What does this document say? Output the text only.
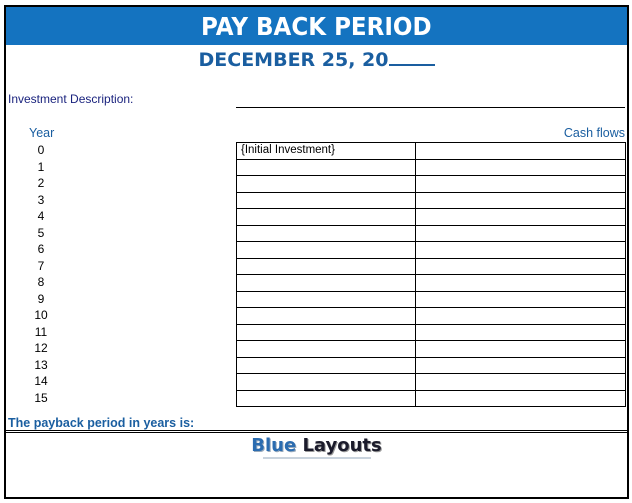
PAY BACK PERIOD
DECEMBER 25, 20
Investment Description:
Year	Cash flows
0
1
2
3
4
5
6
7
8
9
10
11
12
13
14
15
{Initial Investment}
The payback period in years is:
Blue Layouts
